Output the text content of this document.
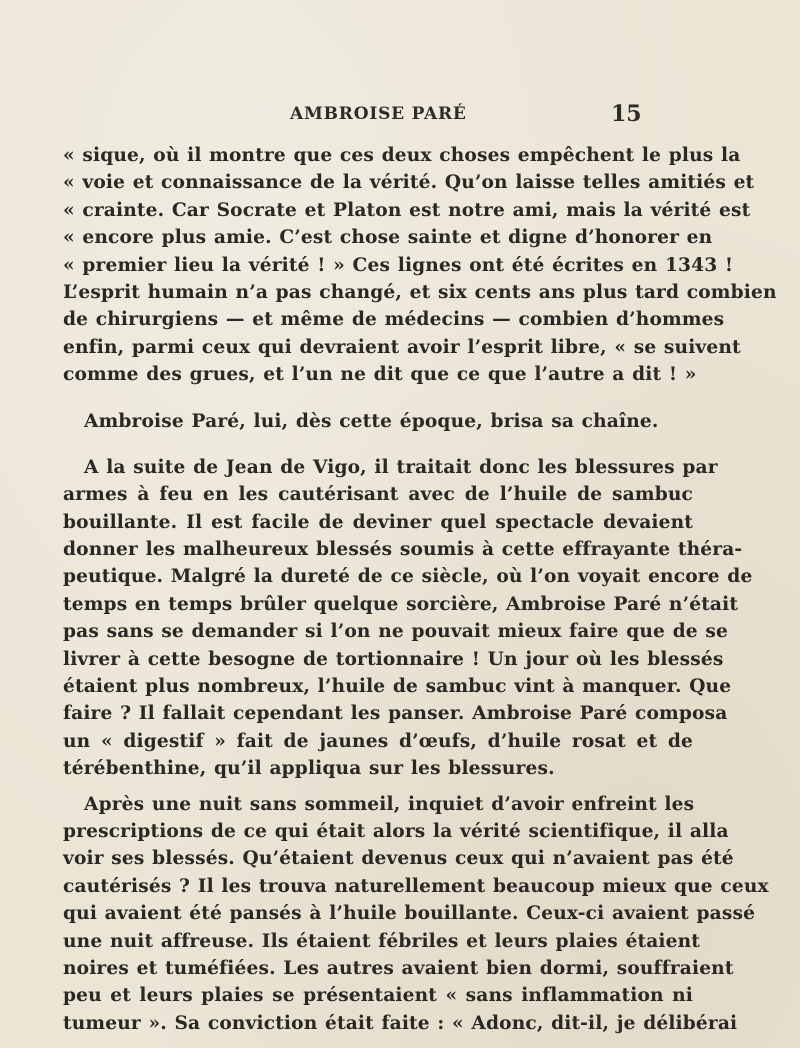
AMBROISE PARÉ	15
« sique, où il montre que ces deux choses empêchent le plus la
« voie et connaissance de la vérité. Qu’on laisse telles amitiés et
« crainte. Car Socrate et Platon est notre ami, mais la vérité est
« encore plus amie. C’est chose sainte et digne d’honorer en
« premier lieu la vérité ! » Ces lignes ont été écrites en 1343 !
L’esprit humain n’a pas changé, et six cents ans plus tard combien
de chirurgiens — et même de médecins — combien d’hommes
enfin, parmi ceux qui devraient avoir l’esprit libre, « se suivent
comme des grues, et l’un ne dit que ce que l’autre a dit ! »
Ambroise Paré, lui, dès cette époque, brisa sa chaîne.
A la suite de Jean de Vigo, il traitait donc les blessures par
armes à feu en les cautérisant avec de l’huile de sambuc
bouillante. Il est facile de deviner quel spectacle devaient
donner les malheureux blessés soumis à cette effrayante théra-
peutique. Malgré la dureté de ce siècle, où l’on voyait encore de
temps en temps brûler quelque sorcière, Ambroise Paré n’était
pas sans se demander si l’on ne pouvait mieux faire que de se
livrer à cette besogne de tortionnaire ! Un jour où les blessés
étaient plus nombreux, l’huile de sambuc vint à manquer. Que
faire ? Il fallait cependant les panser. Ambroise Paré composa
un « digestif » fait de jaunes d’œufs, d’huile rosat et de
térébenthine, qu’il appliqua sur les blessures.
Après une nuit sans sommeil, inquiet d’avoir enfreint les
prescriptions de ce qui était alors la vérité scientifique, il alla
voir ses blessés. Qu’étaient devenus ceux qui n’avaient pas été
cautérisés ? Il les trouva naturellement beaucoup mieux que ceux
qui avaient été pansés à l’huile bouillante. Ceux-ci avaient passé
une nuit affreuse. Ils étaient fébriles et leurs plaies étaient
noires et tuméfiées. Les autres avaient bien dormi, souffraient
peu et leurs plaies se présentaient « sans inflammation ni
tumeur ». Sa conviction était faite : « Adonc, dit-il, je délibérai
